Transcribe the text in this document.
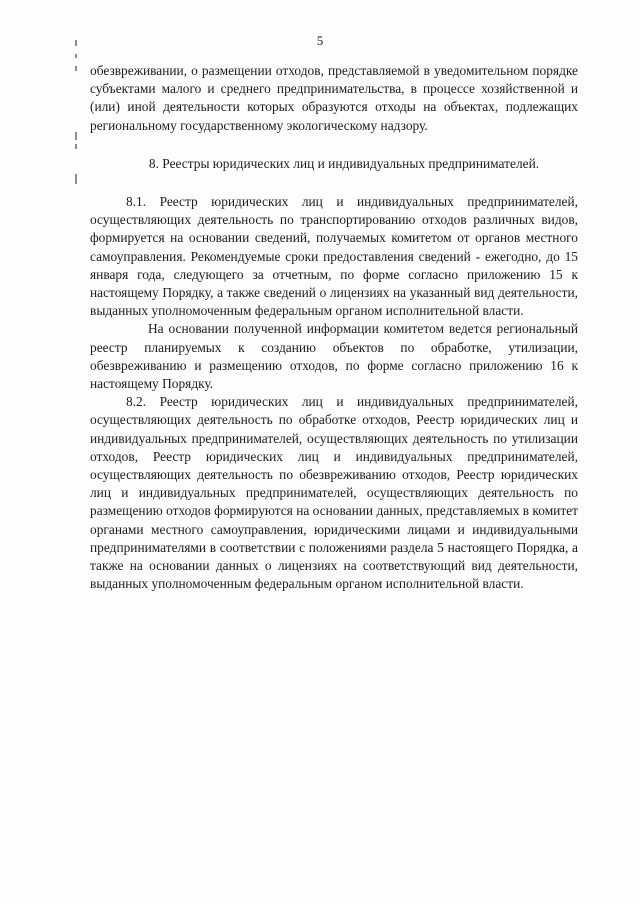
5

обезвреживании, о размещении отходов, представляемой в уведомительном порядке субъектами малого и среднего предпринимательства, в процессе хозяйственной и (или) иной деятельности которых образуются отходы на объектах, подлежащих региональному государственному экологическому надзору.

8. Реестры юридических лиц и индивидуальных предпринимателей.

8.1. Реестр юридических лиц и индивидуальных предпринимателей, осуществляющих деятельность по транспортированию отходов различных видов, формируется на основании сведений, получаемых комитетом от органов местного самоуправления. Рекомендуемые сроки предоставления сведений - ежегодно, до 15 января года, следующего за отчетным, по форме согласно приложению 15 к настоящему Порядку, а также сведений о лицензиях на указанный вид деятельности, выданных уполномоченным федеральным органом исполнительной власти.

На основании полученной информации комитетом ведется региональный реестр планируемых к созданию объектов по обработке, утилизации, обезвреживанию и размещению отходов, по форме согласно приложению 16 к настоящему Порядку.

8.2. Реестр юридических лиц и индивидуальных предпринимателей, осуществляющих деятельность по обработке отходов, Реестр юридических лиц и индивидуальных предпринимателей, осуществляющих деятельность по утилизации отходов, Реестр юридических лиц и индивидуальных предпринимателей, осуществляющих деятельность по обезвреживанию отходов, Реестр юридических лиц и индивидуальных предпринимателей, осуществляющих деятельность по размещению отходов формируются на основании данных, представляемых в комитет органами местного самоуправления, юридическими лицами и индивидуальными предпринимателями в соответствии с положениями раздела 5 настоящего Порядка, а также на основании данных о лицензиях на соответствующий вид деятельности, выданных уполномоченным федеральным органом исполнительной власти.
